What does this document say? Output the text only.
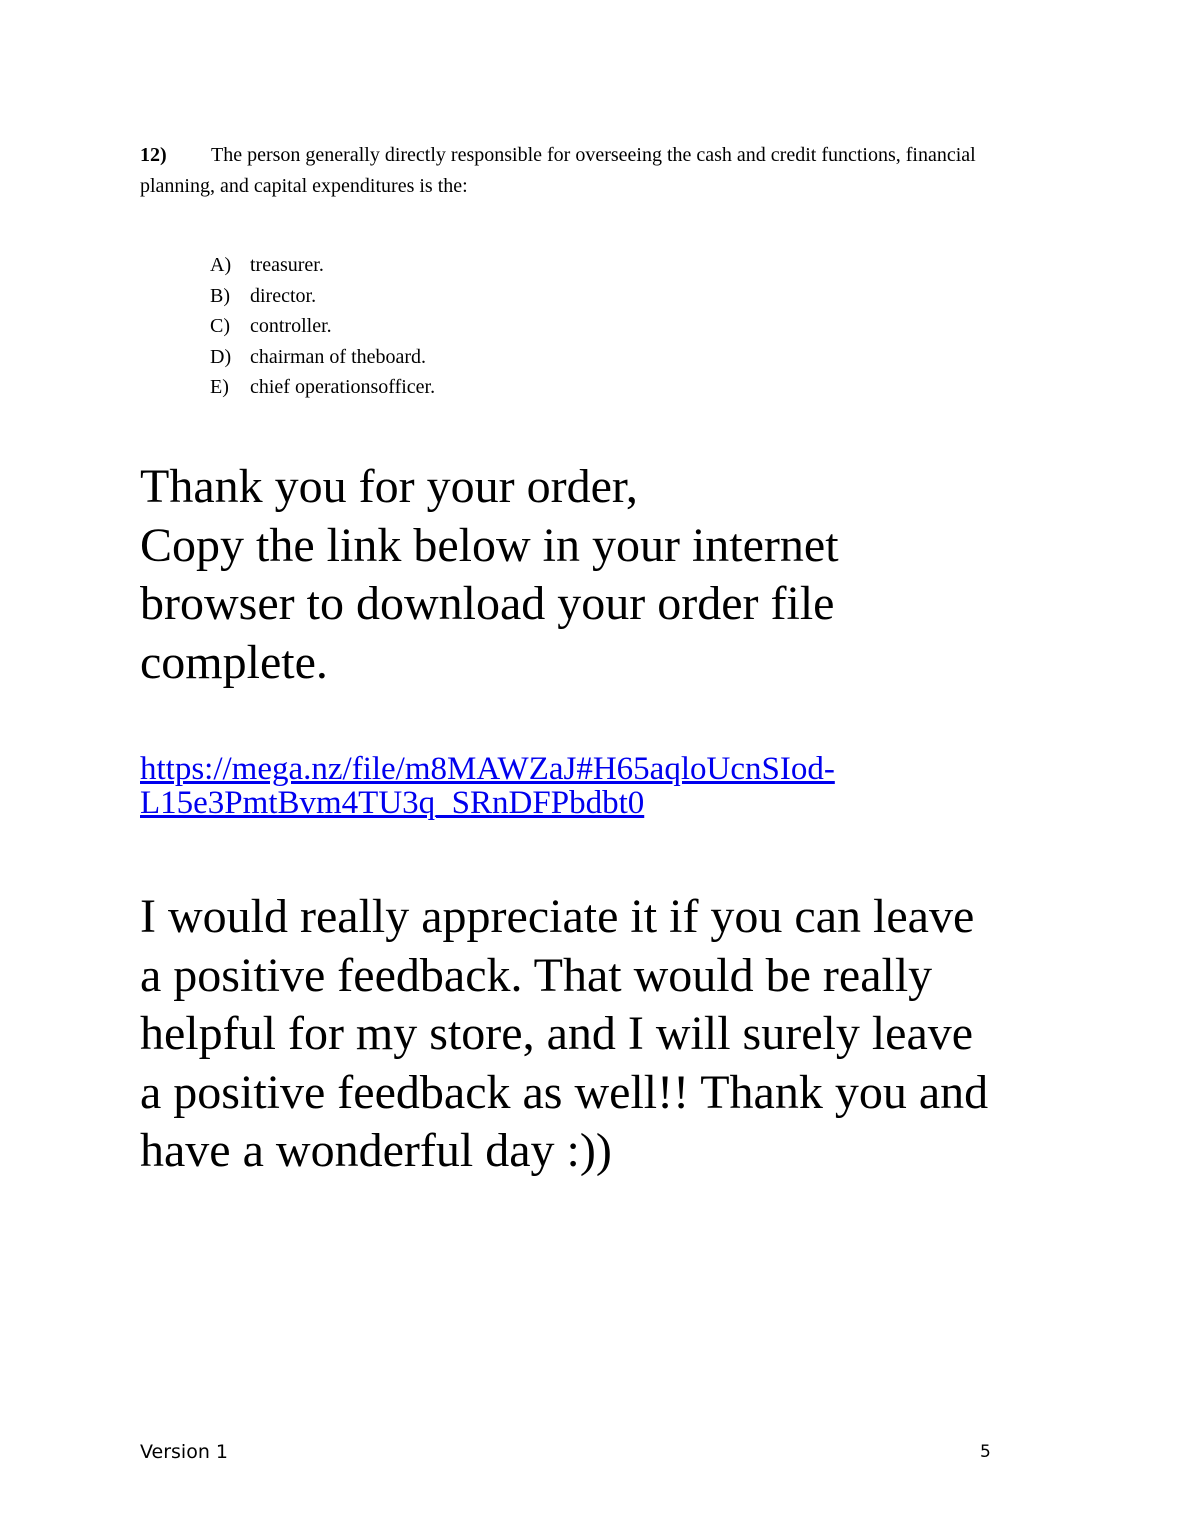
12) The person generally directly responsible for overseeing the cash and credit functions, financial planning, and capital expenditures is the:
A) treasurer.
B) director.
C) controller.
D) chairman of theboard.
E) chief operationsofficer.
Thank you for your order,
Copy the link below in your internet
browser to download your order file
complete.
https://mega.nz/file/m8MAWZaJ#H65aqloUcnSIod-
L15e3PmtBvm4TU3q_SRnDFPbdbt0
I would really appreciate it if you can leave
a positive feedback. That would be really
helpful for my store, and I will surely leave
a positive feedback as well!! Thank you and
have a wonderful day :))
Version 1	5
